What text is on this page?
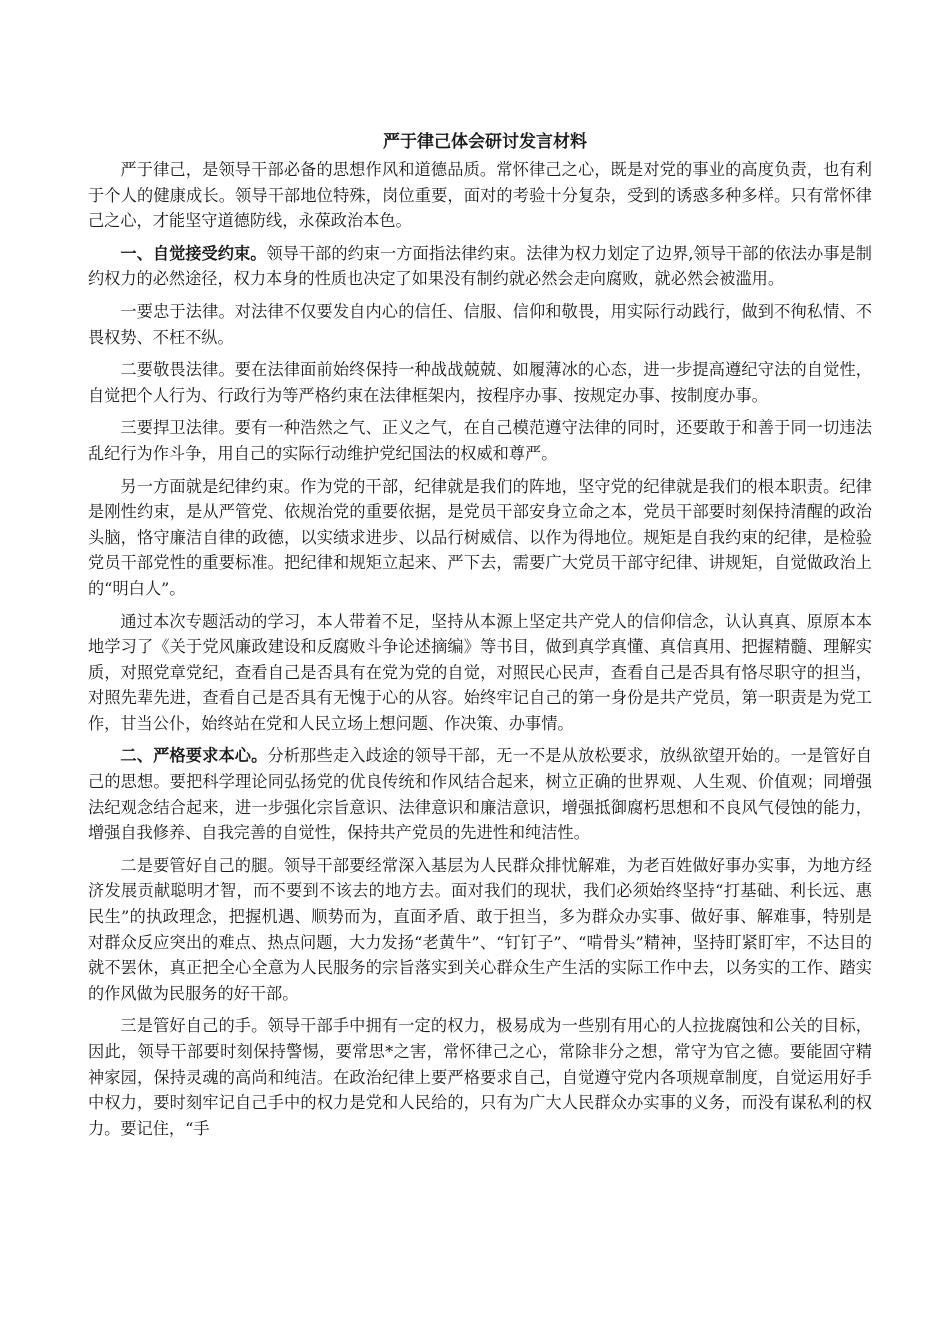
严于律己体会研讨发言材料

严于律己，是领导干部必备的思想作风和道德品质。常怀律己之心，既是对党的事业的高度负责，也有利于个人的健康成长。领导干部地位特殊，岗位重要，面对的考验十分复杂，受到的诱惑多种多样。只有常怀律己之心，才能坚守道德防线，永葆政治本色。

一、自觉接受约束。领导干部的约束一方面指法律约束。法律为权力划定了边界,领导干部的依法办事是制约权力的必然途径，权力本身的性质也决定了如果没有制约就必然会走向腐败，就必然会被滥用。

一要忠于法律。对法律不仅要发自内心的信任、信服、信仰和敬畏，用实际行动践行，做到不徇私情、不畏权势、不枉不纵。

二要敬畏法律。要在法律面前始终保持一种战战兢兢、如履薄冰的心态，进一步提高遵纪守法的自觉性，自觉把个人行为、行政行为等严格约束在法律框架内，按程序办事、按规定办事、按制度办事。

三要捍卫法律。要有一种浩然之气、正义之气，在自己模范遵守法律的同时，还要敢于和善于同一切违法乱纪行为作斗争，用自己的实际行动维护党纪国法的权威和尊严。

另一方面就是纪律约束。作为党的干部，纪律就是我们的阵地，坚守党的纪律就是我们的根本职责。纪律是刚性约束，是从严管党、依规治党的重要依据，是党员干部安身立命之本，党员干部要时刻保持清醒的政治头脑，恪守廉洁自律的政德，以实绩求进步、以品行树威信、以作为得地位。规矩是自我约束的纪律，是检验党员干部党性的重要标准。把纪律和规矩立起来、严下去，需要广大党员干部守纪律、讲规矩，自觉做政治上的“明白人”。

通过本次专题活动的学习，本人带着不足，坚持从本源上坚定共产党人的信仰信念，认认真真、原原本本地学习了《关于党风廉政建设和反腐败斗争论述摘编》等书目，做到真学真懂、真信真用、把握精髓、理解实质，对照党章党纪，查看自己是否具有在党为党的自觉，对照民心民声，查看自己是否具有恪尽职守的担当，对照先辈先进，查看自己是否具有无愧于心的从容。始终牢记自己的第一身份是共产党员，第一职责是为党工作，甘当公仆，始终站在党和人民立场上想问题、作决策、办事情。

二、严格要求本心。分析那些走入歧途的领导干部，无一不是从放松要求，放纵欲望开始的。一是管好自己的思想。要把科学理论同弘扬党的优良传统和作风结合起来，树立正确的世界观、人生观、价值观；同增强法纪观念结合起来，进一步强化宗旨意识、法律意识和廉洁意识，增强抵御腐朽思想和不良风气侵蚀的能力，增强自我修养、自我完善的自觉性，保持共产党员的先进性和纯洁性。

二是要管好自己的腿。领导干部要经常深入基层为人民群众排忧解难，为老百姓做好事办实事，为地方经济发展贡献聪明才智，而不要到不该去的地方去。面对我们的现状，我们必须始终坚持“打基础、利长远、惠民生”的执政理念，把握机遇、顺势而为，直面矛盾、敢于担当，多为群众办实事、做好事、解难事，特别是对群众反应突出的难点、热点问题，大力发扬“老黄牛”、“钉钉子”、“啃骨头”精神，坚持盯紧盯牢，不达目的就不罢休，真正把全心全意为人民服务的宗旨落实到关心群众生产生活的实际工作中去，以务实的工作、踏实的作风做为民服务的好干部。

三是管好自己的手。领导干部手中拥有一定的权力，极易成为一些别有用心的人拉拢腐蚀和公关的目标，因此，领导干部要时刻保持警惕，要常思*之害，常怀律己之心，常除非分之想，常守为官之德。要能固守精神家园，保持灵魂的高尚和纯洁。在政治纪律上要严格要求自己，自觉遵守党内各项规章制度，自觉运用好手中权力，要时刻牢记自己手中的权力是党和人民给的，只有为广大人民群众办实事的义务，而没有谋私利的权力。要记住，“手
